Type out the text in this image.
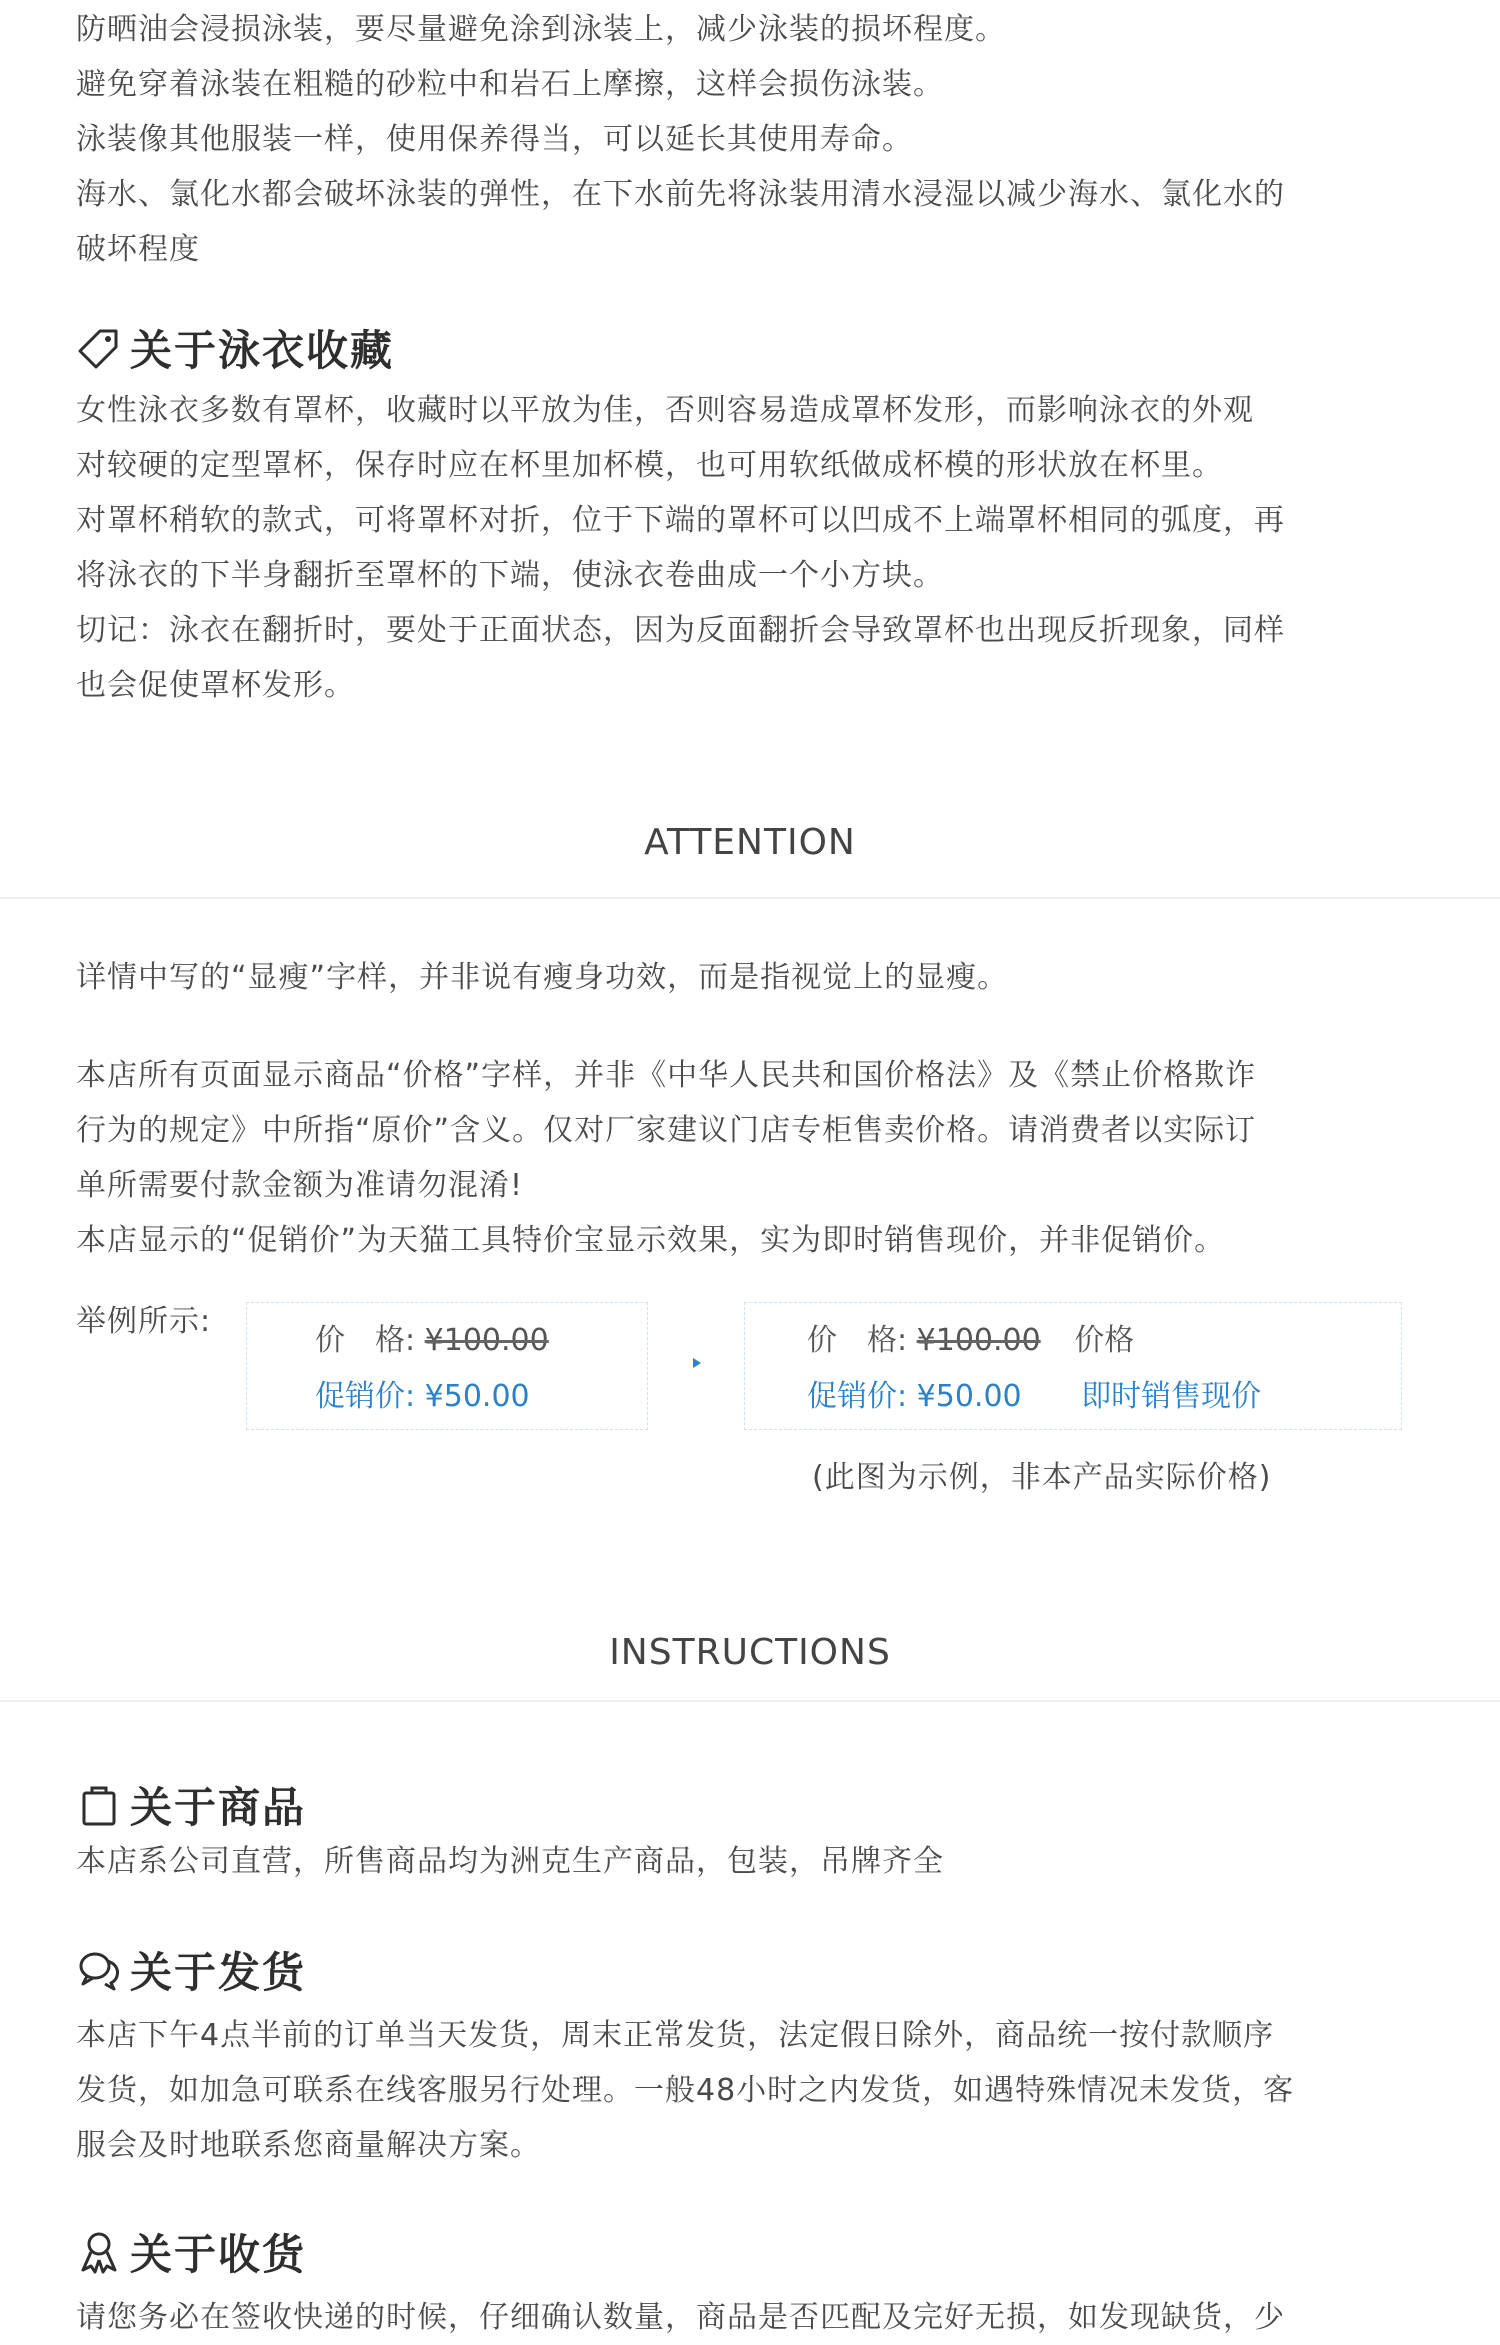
防晒油会浸损泳装，要尽量避免涂到泳装上，减少泳装的损坏程度。

避免穿着泳装在粗糙的砂粒中和岩石上摩擦，这样会损伤泳装。

泳装像其他服装一样，使用保养得当，可以延长其使用寿命。

海水、氯化水都会破坏泳装的弹性，在下水前先将泳装用清水浸湿以减少海水、氯化水的

破坏程度

关于泳衣收藏

女性泳衣多数有罩杯，收藏时以平放为佳，否则容易造成罩杯发形，而影响泳衣的外观

对较硬的定型罩杯，保存时应在杯里加杯模，也可用软纸做成杯模的形状放在杯里。

对罩杯稍软的款式，可将罩杯对折，位于下端的罩杯可以凹成不上端罩杯相同的弧度，再

将泳衣的下半身翻折至罩杯的下端，使泳衣卷曲成一个小方块。

切记：泳衣在翻折时，要处于正面状态，因为反面翻折会导致罩杯也出现反折现象，同样

也会促使罩杯发形。

ATTENTION

详情中写的“显瘦”字样，并非说有瘦身功效，而是指视觉上的显瘦。

本店所有页面显示商品“价格”字样，并非《中华人民共和国价格法》及《禁止价格欺诈

行为的规定》中所指“原价”含义。仅对厂家建议门店专柜售卖价格。请消费者以实际订

单所需要付款金额为准请勿混淆!

本店显示的“促销价”为天猫工具特价宝显示效果，实为即时销售现价，并非促销价。

举例所示:
价　格: ¥100.00
促销价: ¥50.00
价　格: ¥100.00 价格
促销价: ¥50.00 即时销售现价
(此图为示例，非本产品实际价格)
INSTRUCTIONS
关于商品

本店系公司直营，所售商品均为洲克生产商品，包装，吊牌齐全

关于发货

本店下午4点半前的订单当天发货，周末正常发货，法定假日除外，商品统一按付款顺序

发货，如加急可联系在线客服另行处理。一般48小时之内发货，如遇特殊情况未发货，客

服会及时地联系您商量解决方案。

关于收货

请您务必在签收快递的时候，仔细确认数量，商品是否匹配及完好无损，如发现缺货，少
